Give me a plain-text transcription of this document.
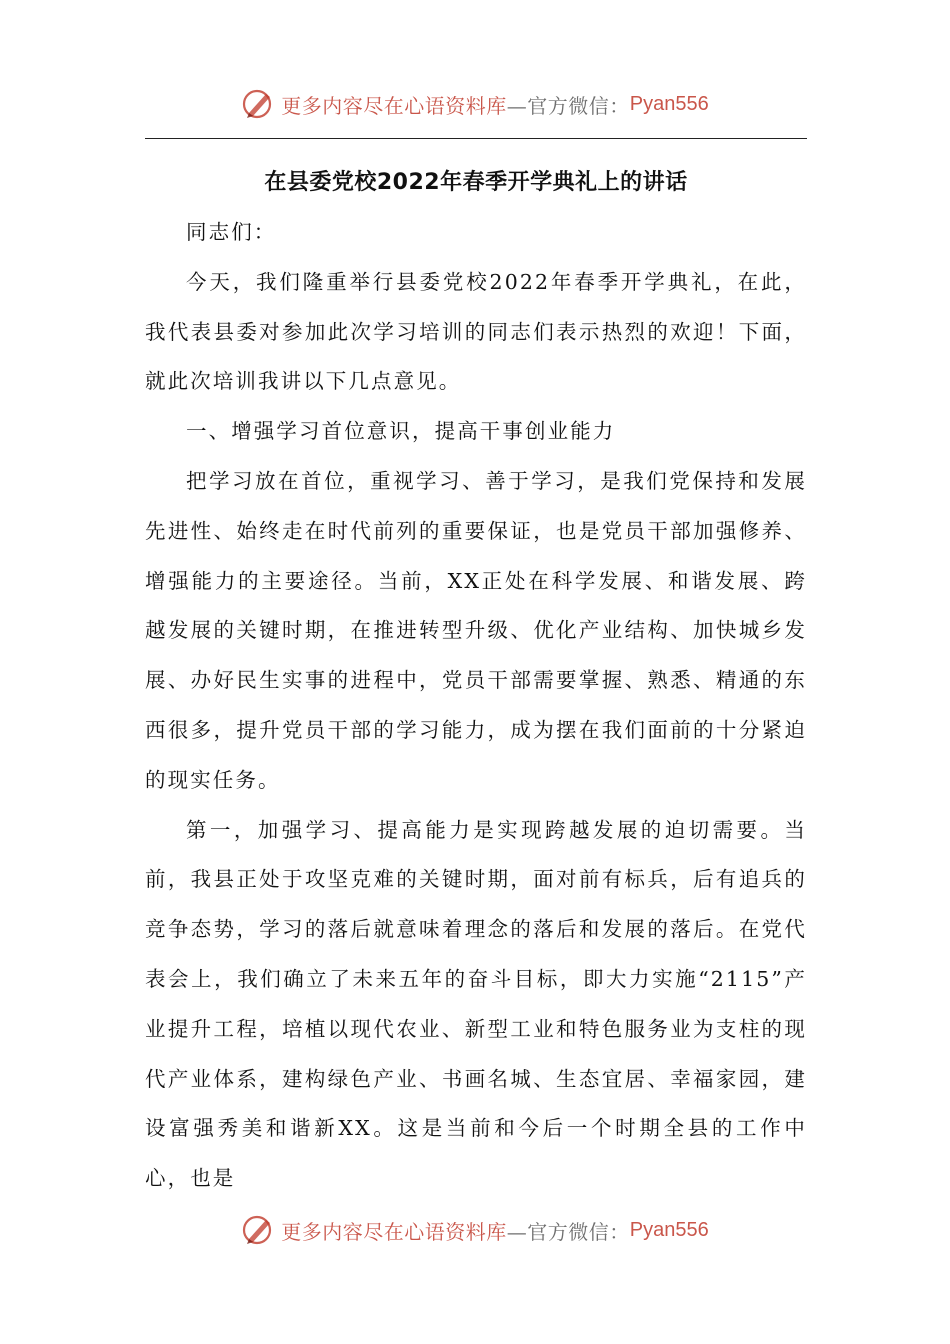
更多内容尽在心语资料库 —官方微信： Pyan556
在县委党校2022年春季开学典礼上的讲话

同志们：

今天，我们隆重举行县委党校2022年春季开学典礼，在此，我代表县委对参加此次学习培训的同志们表示热烈的欢迎！下面，就此次培训我讲以下几点意见。

一、增强学习首位意识，提高干事创业能力

把学习放在首位，重视学习、善于学习，是我们党保持和发展先进性、始终走在时代前列的重要保证，也是党员干部加强修养、增强能力的主要途径。当前，XX正处在科学发展、和谐发展、跨越发展的关键时期，在推进转型升级、优化产业结构、加快城乡发展、办好民生实事的进程中，党员干部需要掌握、熟悉、精通的东西很多，提升党员干部的学习能力，成为摆在我们面前的十分紧迫的现实任务。

第一，加强学习、提高能力是实现跨越发展的迫切需要。当前，我县正处于攻坚克难的关键时期，面对前有标兵，后有追兵的竞争态势，学习的落后就意味着理念的落后和发展的落后。在党代表会上，我们确立了未来五年的奋斗目标，即大力实施“2115”产业提升工程，培植以现代农业、新型工业和特色服务业为支柱的现代产业体系，建构绿色产业、书画名城、生态宜居、幸福家园，建设富强秀美和谐新XX。这是当前和今后一个时期全县的工作中心，也是

更多内容尽在心语资料库 —官方微信： Pyan556
